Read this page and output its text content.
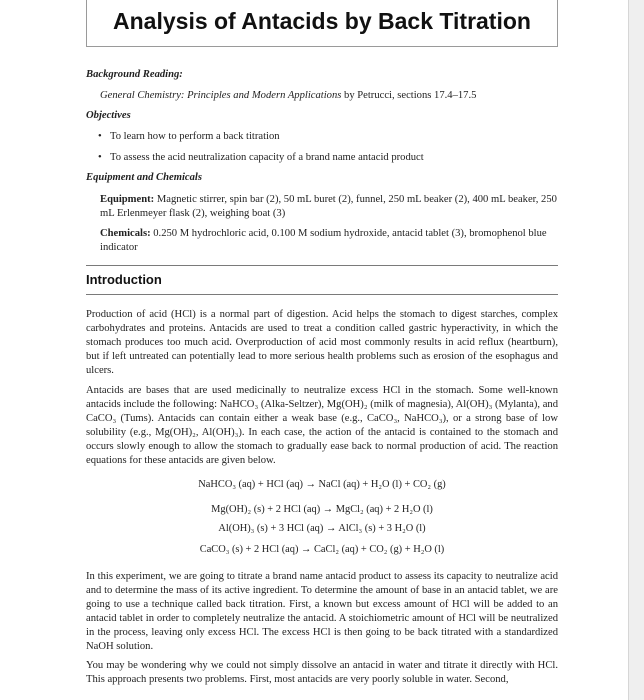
Analysis of Antacids by Back Titration

Background Reading:

General Chemistry: Principles and Modern Applications by Petrucci, sections 17.4–17.5

Objectives

• To learn how to perform a back titration
• To assess the acid neutralization capacity of a brand name antacid product

Equipment and Chemicals

Equipment: Magnetic stirrer, spin bar (2), 50 mL buret (2), funnel, 250 mL beaker (2), 400 mL beaker, 250 mL Erlenmeyer flask (2), weighing boat (3)
Chemicals: 0.250 M hydrochloric acid, 0.100 M sodium hydroxide, antacid tablet (3), bromophenol blue indicator
Introduction
Production of acid (HCl) is a normal part of digestion. Acid helps the stomach to digest starches, complex carbohydrates and proteins. Antacids are used to treat a condition called gastric hyperactivity, in which the stomach produces too much acid. Overproduction of acid most commonly results in acid reflux (heartburn), but if left untreated can potentially lead to more serious health problems such as erosion of the esophagus and ulcers.
Antacids are bases that are used medicinally to neutralize excess HCl in the stomach. Some well-known antacids include the following: NaHCO₃ (Alka-Seltzer), Mg(OH)₂ (milk of magnesia), Al(OH)₃ (Mylanta), and CaCO₃ (Tums). Antacids can contain either a weak base (e.g., CaCO₃, NaHCO₃), or a strong base of low solubility (e.g., Mg(OH)₂, Al(OH)₃). In each case, the action of the antacid is contained to the stomach and occurs slowly enough to allow the stomach to gradually ease back to normal production of acid. The reaction equations for these antacids are given below.
NaHCO₃ (aq) + HCl (aq) → NaCl (aq) + H₂O (l) + CO₂ (g)
Mg(OH)₂ (s) + 2 HCl (aq) → MgCl₂ (aq) + 2 H₂O (l)
Al(OH)₃ (s) + 3 HCl (aq) → AlCl₃ (s) + 3 H₂O (l)
CaCO₃ (s) + 2 HCl (aq) → CaCl₂ (aq) + CO₂ (g) + H₂O (l)
In this experiment, we are going to titrate a brand name antacid product to assess its capacity to neutralize acid and to determine the mass of its active ingredient. To determine the amount of base in an antacid tablet, we are going to use a technique called back titration. First, a known but excess amount of HCl will be added to an antacid tablet in order to completely neutralize the antacid. A stoichiometric amount of HCl will be neutralized in the process, leaving only excess HCl. The excess HCl is then going to be back titrated with a standardized NaOH solution.
You may be wondering why we could not simply dissolve an antacid in water and titrate it directly with HCl. This approach presents two problems. First, most antacids are very poorly soluble in water. Second,
